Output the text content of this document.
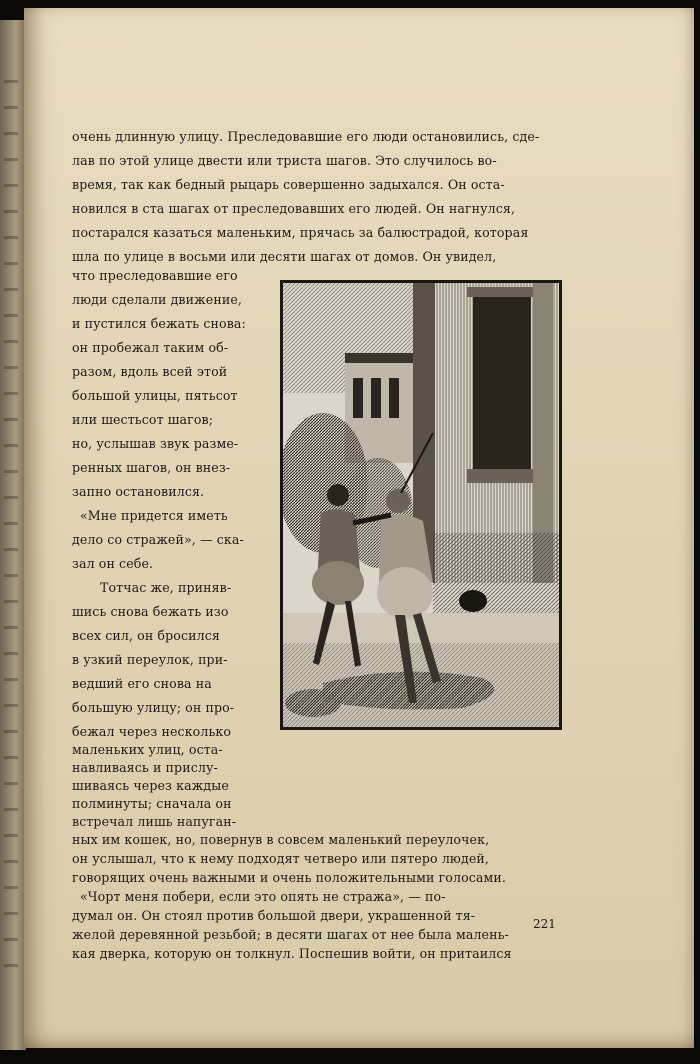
очень длинную улицу. Преследовавшие его люди остановились, сде-
лав по этой улице двести или триста шагов. Это случилось во-
время, так как бедный рыцарь совершенно задыхался. Он оста-
новился в ста шагах от преследовавших его людей. Он нагнулся,
постарался казаться маленьким, прячась за балюстрадой, которая
шла по улице в восьми или десяти шагах от домов. Он увидел,
что преследовавшие его
люди сделали движение,
и пустился бежать снова:
он пробежал таким об-
разом, вдоль всей этой
большой улицы, пятьсот
или шестьсот шагов;
но, услышав звук разме-
ренных шагов, он внез-
запно остановился.
«Мне придется иметь
дело со стражей», — ска-
зал он себе.
Тотчас же, приняв-
шись снова бежать изо
всех сил, он бросился
в узкий переулок, при-
ведший его снова на
большую улицу; он про-
бежал через несколько
маленьких улиц, оста-
навливаясь и прислу-
шиваясь через каждые
полминуты; сначала он
встречал лишь напуган-
ных им кошек, но, повернув в совсем маленький переулочек,
он услышал, что к нему подходят четверо или пятеро людей,
говорящих очень важными и очень положительными голосами.
«Чорт меня побери, если это опять не стража», — по-
думал он. Он стоял против большой двери, украшенной тя-
желой деревянной резьбой; в десяти шагах от нее была малень-
кая дверка, которую он толкнул. Поспешив войти, он притаился
221
